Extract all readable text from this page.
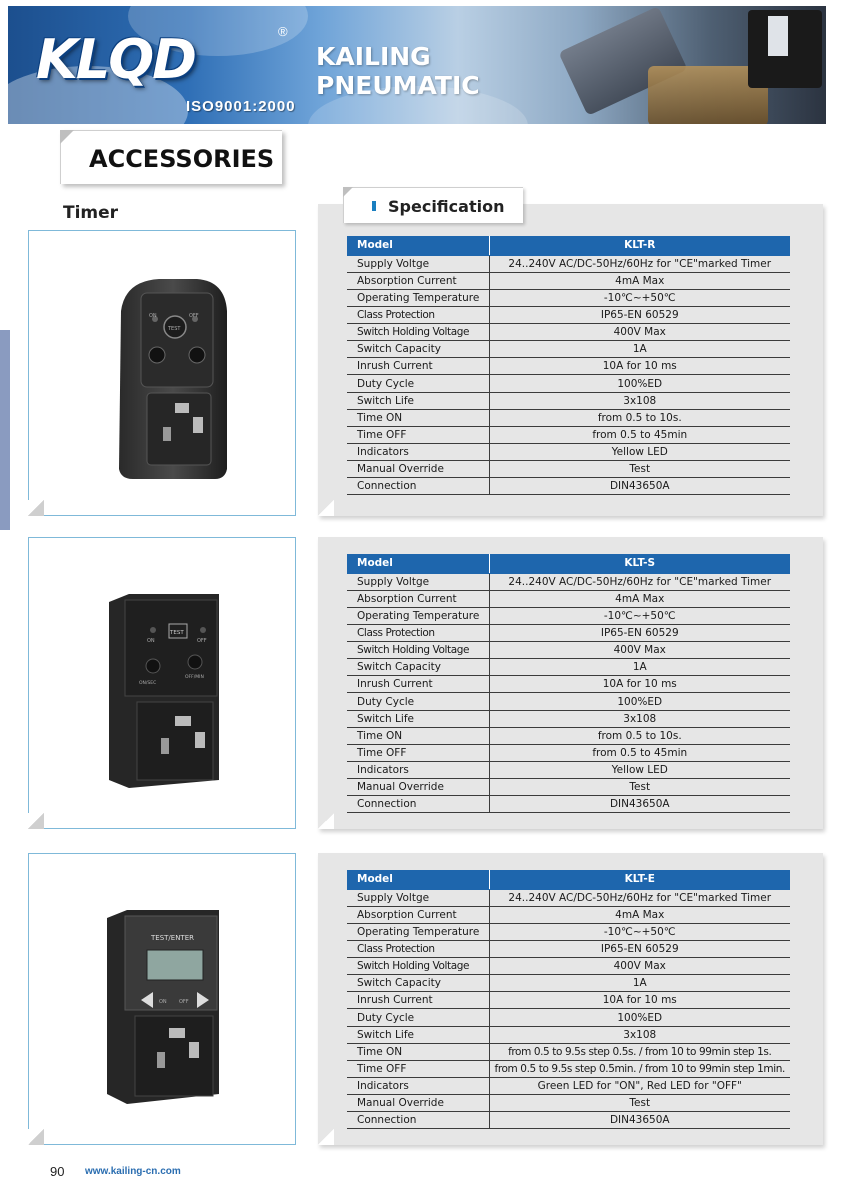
KLQD	®
ISO9001:2000
KAILING
PNEUMATIC
ACCESSORIES
Timer
ON
TEST
OFF
ON
TEST
OFF
ON/SEC
OFF/MIN
TEST/ENTER
ON OFF
Specification
Model	KLT-R
Supply Voltge	24..240V AC/DC-50Hz/60Hz for "CE"marked Timer
Absorption Current	4mA Max
Operating Temperature	-10℃~+50℃
Class Protection	IP65-EN 60529
Switch Holding Voltage	400V Max
Switch Capacity	1A
Inrush Current	10A for 10 ms
Duty Cycle	100%ED
Switch Life	3x108
Time ON	from 0.5 to 10s.
Time OFF	from 0.5 to 45min
Indicators	Yellow LED
Manual Override	Test
Connection	DIN43650A
Model	KLT-S
Supply Voltge	24..240V AC/DC-50Hz/60Hz for "CE"marked Timer
Absorption Current	4mA Max
Operating Temperature	-10℃~+50℃
Class Protection	IP65-EN 60529
Switch Holding Voltage	400V Max
Switch Capacity	1A
Inrush Current	10A for 10 ms
Duty Cycle	100%ED
Switch Life	3x108
Time ON	from 0.5 to 10s.
Time OFF	from 0.5 to 45min
Indicators	Yellow LED
Manual Override	Test
Connection	DIN43650A
Model	KLT-E
Supply Voltge	24..240V AC/DC-50Hz/60Hz for "CE"marked Timer
Absorption Current	4mA Max
Operating Temperature	-10℃~+50℃
Class Protection	IP65-EN 60529
Switch Holding Voltage	400V Max
Switch Capacity	1A
Inrush Current	10A for 10 ms
Duty Cycle	100%ED
Switch Life	3x108
Time ON	from 0.5 to 9.5s step 0.5s. / from 10 to 99min step 1s.
Time OFF	from 0.5 to 9.5s step 0.5min. / from 10 to 99min step 1min.
Indicators	Green LED for "ON", Red LED for "OFF"
Manual Override	Test
Connection	DIN43650A
90 www.kailing-cn.com
